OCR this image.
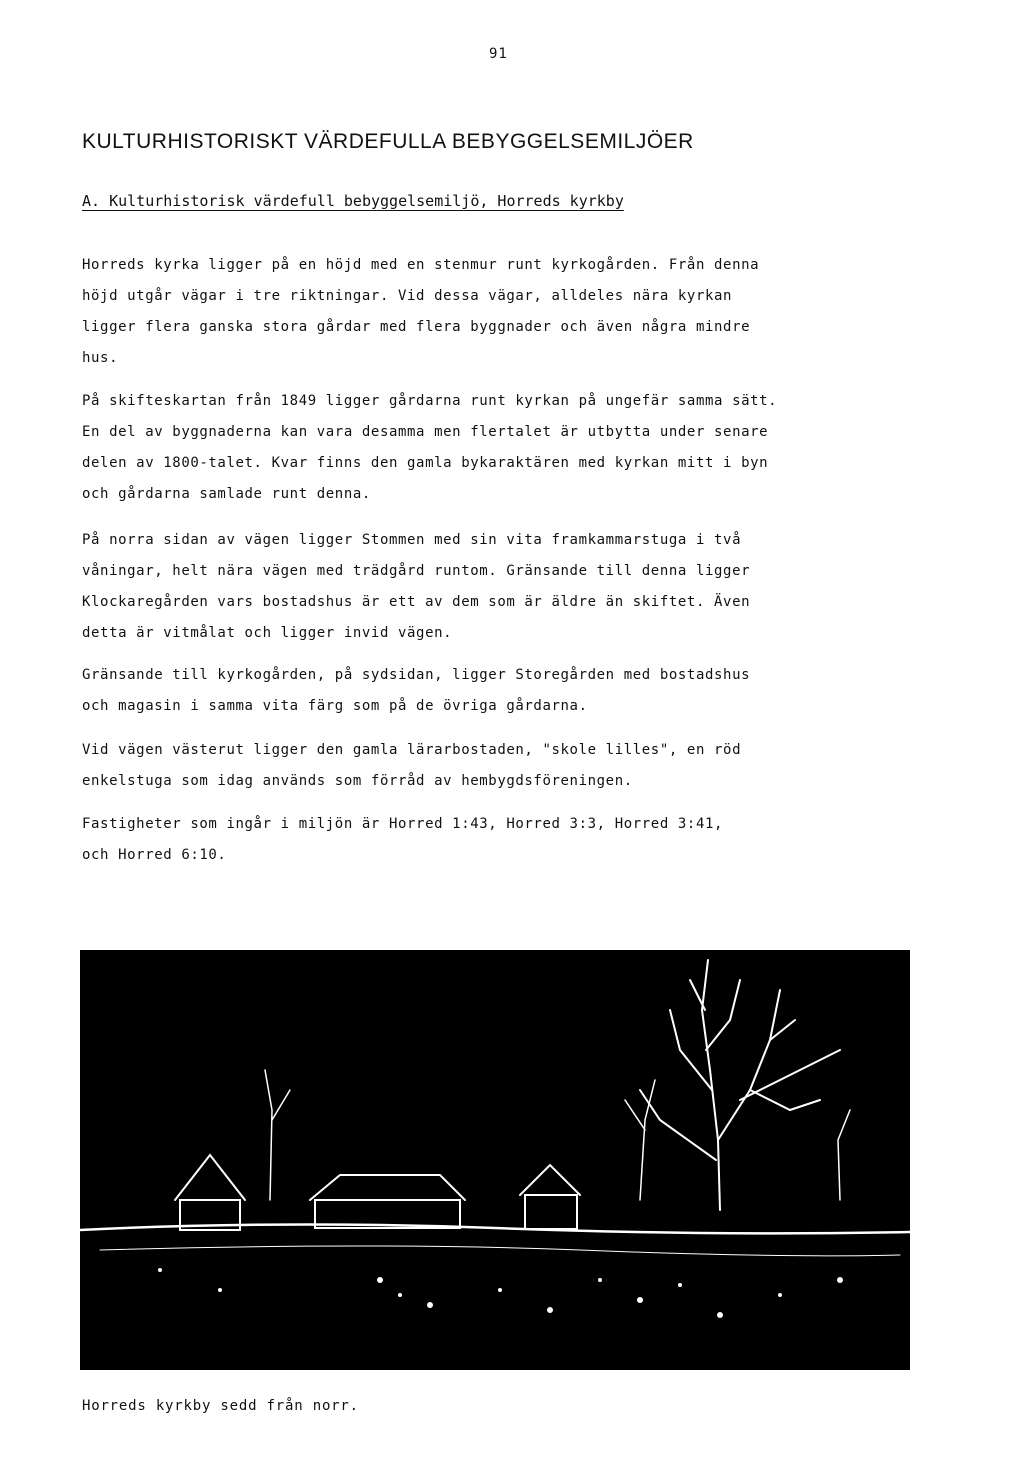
91
KULTURHISTORISKT VÄRDEFULLA BEBYGGELSEMILJÖER
A. Kulturhistorisk värdefull bebyggelsemiljö, Horreds kyrkby

Horreds kyrka ligger på en höjd med en stenmur runt kyrkogården. Från denna
höjd utgår vägar i tre riktningar. Vid dessa vägar, alldeles nära kyrkan
ligger flera ganska stora gårdar med flera byggnader och även några mindre
hus.

På skifteskartan från 1849 ligger gårdarna runt kyrkan på ungefär samma sätt.
En del av byggnaderna kan vara desamma men flertalet är utbytta under senare
delen av 1800-talet. Kvar finns den gamla bykaraktären med kyrkan mitt i byn
och gårdarna samlade runt denna.

På norra sidan av vägen ligger Stommen med sin vita framkammarstuga i två
våningar, helt nära vägen med trädgård runtom. Gränsande till denna ligger
Klockaregården vars bostadshus är ett av dem som är äldre än skiftet. Även
detta är vitmålat och ligger invid vägen.

Gränsande till kyrkogården, på sydsidan, ligger Storegården med bostadshus
och magasin i samma vita färg som på de övriga gårdarna.

Vid vägen västerut ligger den gamla lärarbostaden, "skole lilles", en röd
enkelstuga som idag används som förråd av hembygdsföreningen.

Fastigheter som ingår i miljön är Horred 1:43, Horred 3:3, Horred 3:41,
och Horred 6:10.

Horreds kyrkby sedd från norr.
